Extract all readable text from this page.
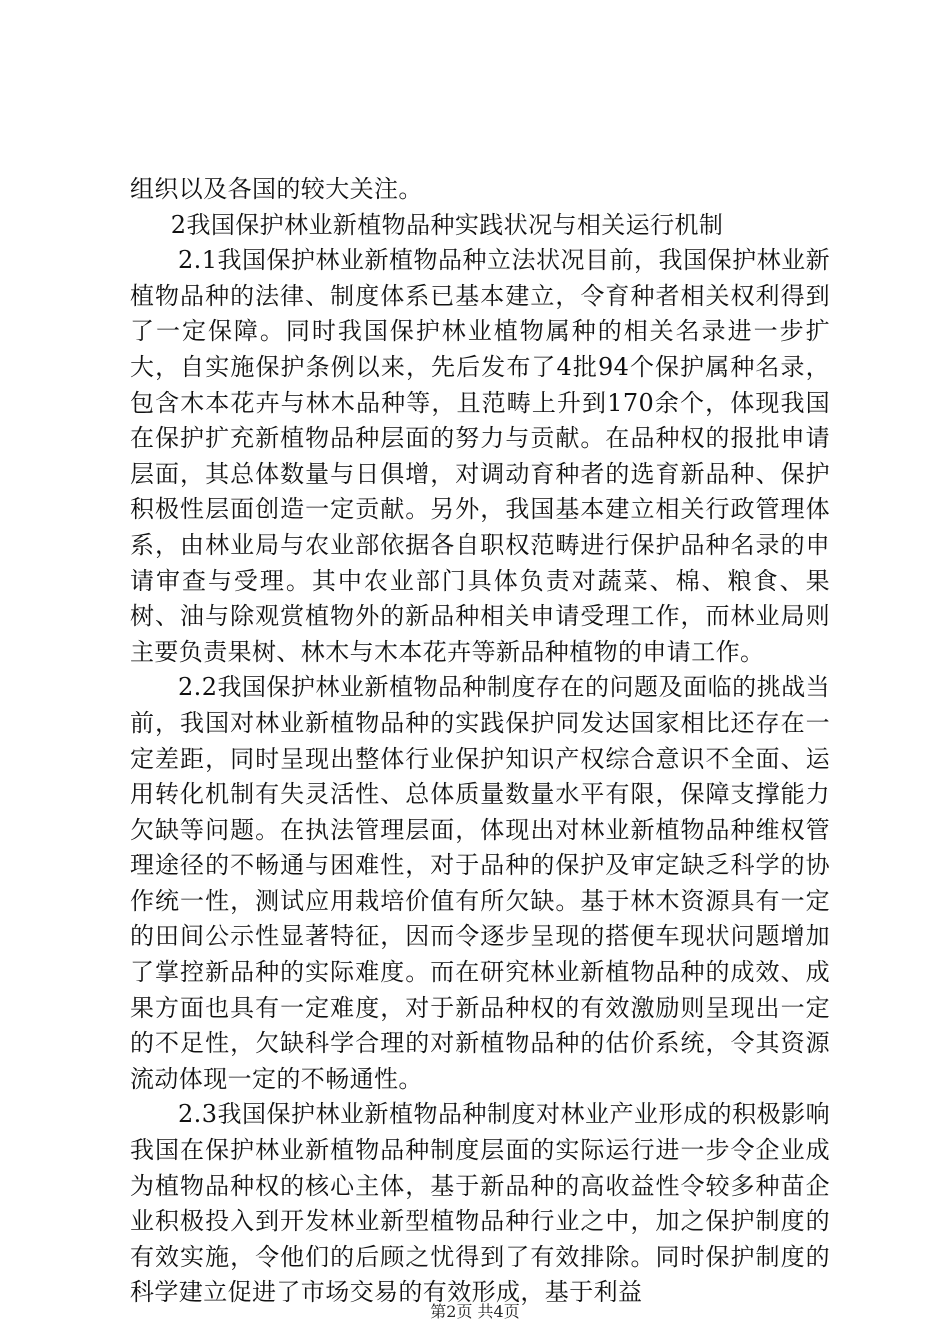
组织以及各国的较大关注。

2我国保护林业新植物品种实践状况与相关运行机制

2.1我国保护林业新植物品种立法状况目前，我国保护林业新植物品种的法律、制度体系已基本建立，令育种者相关权利得到了一定保障。同时我国保护林业植物属种的相关名录进一步扩大，自实施保护条例以来，先后发布了4批94个保护属种名录，包含木本花卉与林木品种等，且范畴上升到170余个，体现我国在保护扩充新植物品种层面的努力与贡献。在品种权的报批申请层面，其总体数量与日俱增，对调动育种者的选育新品种、保护积极性层面创造一定贡献。另外，我国基本建立相关行政管理体系，由林业局与农业部依据各自职权范畴进行保护品种名录的申请审查与受理。其中农业部门具体负责对蔬菜、棉、粮食、果树、油与除观赏植物外的新品种相关申请受理工作，而林业局则主要负责果树、林木与木本花卉等新品种植物的申请工作。

2.2我国保护林业新植物品种制度存在的问题及面临的挑战当前，我国对林业新植物品种的实践保护同发达国家相比还存在一定差距，同时呈现出整体行业保护知识产权综合意识不全面、运用转化机制有失灵活性、总体质量数量水平有限，保障支撑能力欠缺等问题。在执法管理层面，体现出对林业新植物品种维权管理途径的不畅通与困难性，对于品种的保护及审定缺乏科学的协作统一性，测试应用栽培价值有所欠缺。基于林木资源具有一定的田间公示性显著特征，因而令逐步呈现的搭便车现状问题增加了掌控新品种的实际难度。而在研究林业新植物品种的成效、成果方面也具有一定难度，对于新品种权的有效激励则呈现出一定的不足性，欠缺科学合理的对新植物品种的估价系统，令其资源流动体现一定的不畅通性。

2.3我国保护林业新植物品种制度对林业产业形成的积极影响我国在保护林业新植物品种制度层面的实际运行进一步令企业成为植物品种权的核心主体，基于新品种的高收益性令较多种苗企业积极投入到开发林业新型植物品种行业之中，加之保护制度的有效实施，令他们的后顾之忧得到了有效排除。同时保护制度的科学建立促进了市场交易的有效形成，基于利益

第2页 共4页
